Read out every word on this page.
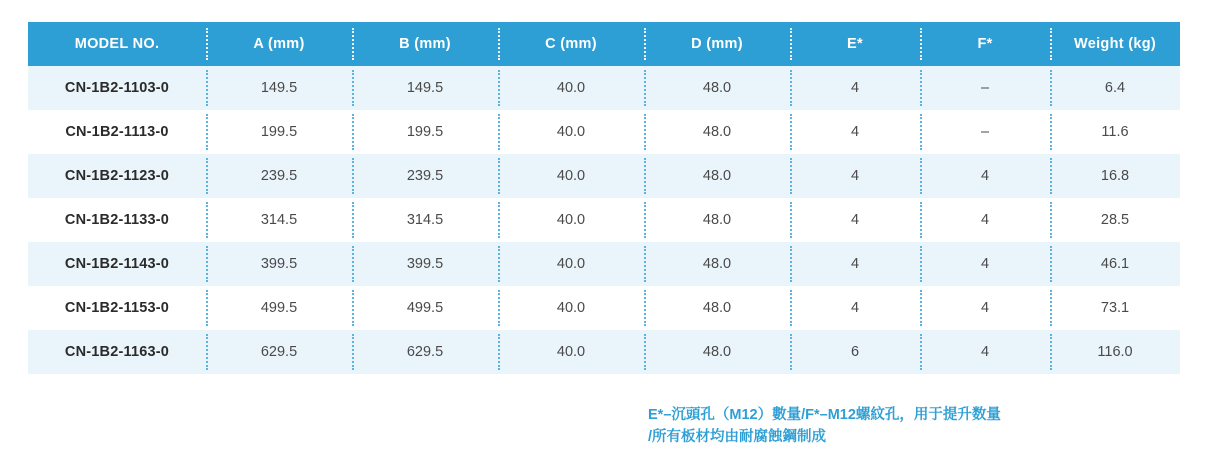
MODEL NO.	A (mm)	B (mm)	C (mm)	D (mm)	E*	F*	Weight (kg)
CN-1B2-1103-0	149.5	149.5	40.0	48.0	4	–	6.4
CN-1B2-1113-0	199.5	199.5	40.0	48.0	4	–	11.6
CN-1B2-1123-0	239.5	239.5	40.0	48.0	4	4	16.8
CN-1B2-1133-0	314.5	314.5	40.0	48.0	4	4	28.5
CN-1B2-1143-0	399.5	399.5	40.0	48.0	4	4	46.1
CN-1B2-1153-0	499.5	499.5	40.0	48.0	4	4	73.1
CN-1B2-1163-0	629.5	629.5	40.0	48.0	6	4	116.0
E*–沉頭孔（M12）數量/F*–M12螺紋孔，用于提升数量
/所有板材均由耐腐蝕鋼制成
